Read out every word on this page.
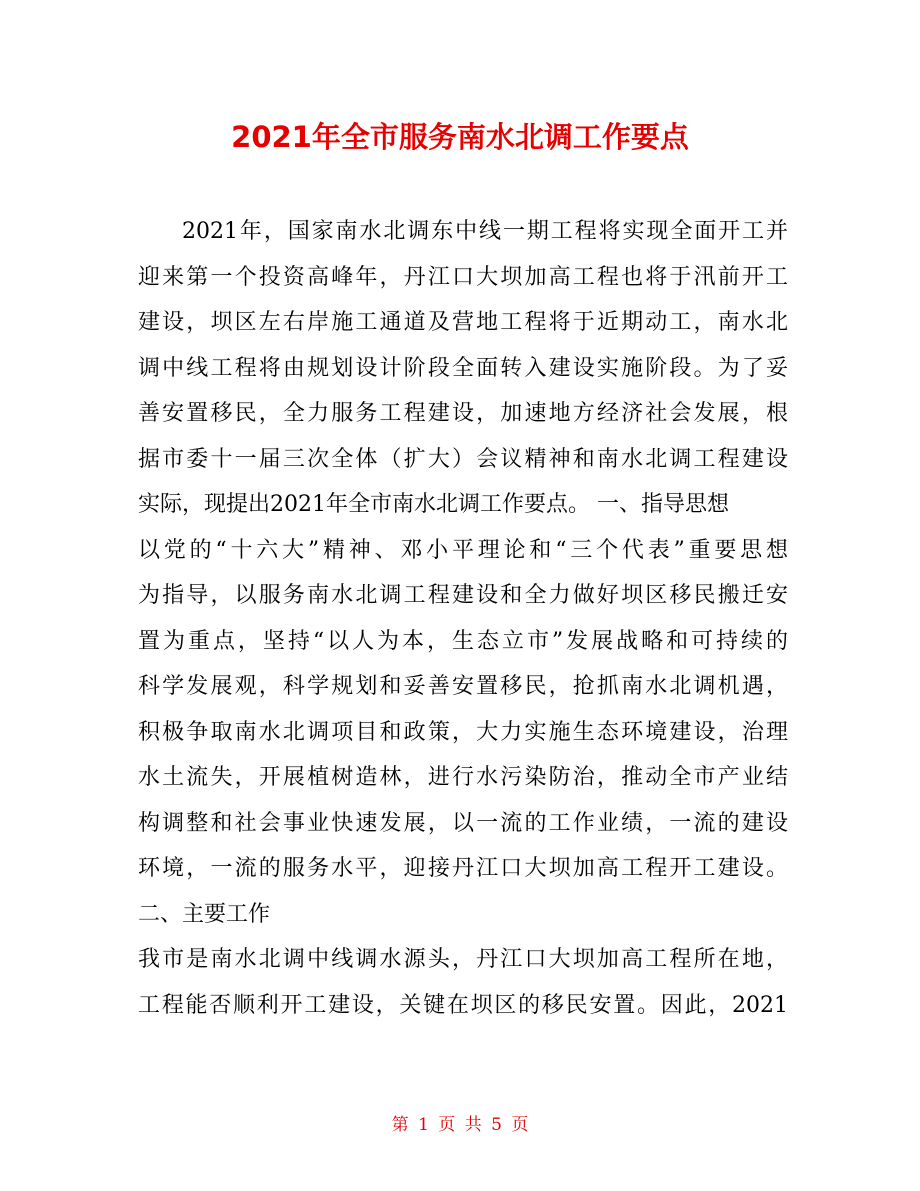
2021年全市服务南水北调工作要点
2021年，国家南水北调东中线一期工程将实现全面开工并
迎来第一个投资高峰年，丹江口大坝加高工程也将于汛前开工
建设，坝区左右岸施工通道及营地工程将于近期动工，南水北
调中线工程将由规划设计阶段全面转入建设实施阶段。为了妥
善安置移民，全力服务工程建设，加速地方经济社会发展，根
据市委十一届三次全体（扩大）会议精神和南水北调工程建设
实际，现提出2021年全市南水北调工作要点。 一、指导思想
以党的“十六大”精神、邓小平理论和“三个代表”重要思想
为指导，以服务南水北调工程建设和全力做好坝区移民搬迁安
置为重点，坚持“以人为本，生态立市”发展战略和可持续的
科学发展观，科学规划和妥善安置移民，抢抓南水北调机遇，
积极争取南水北调项目和政策，大力实施生态环境建设，治理
水土流失，开展植树造林，进行水污染防治，推动全市产业结
构调整和社会事业快速发展，以一流的工作业绩，一流的建设
环境，一流的服务水平，迎接丹江口大坝加高工程开工建设。
二、主要工作
我市是南水北调中线调水源头，丹江口大坝加高工程所在地，
工程能否顺利开工建设，关键在坝区的移民安置。因此，2021
第 1 页 共 5 页
